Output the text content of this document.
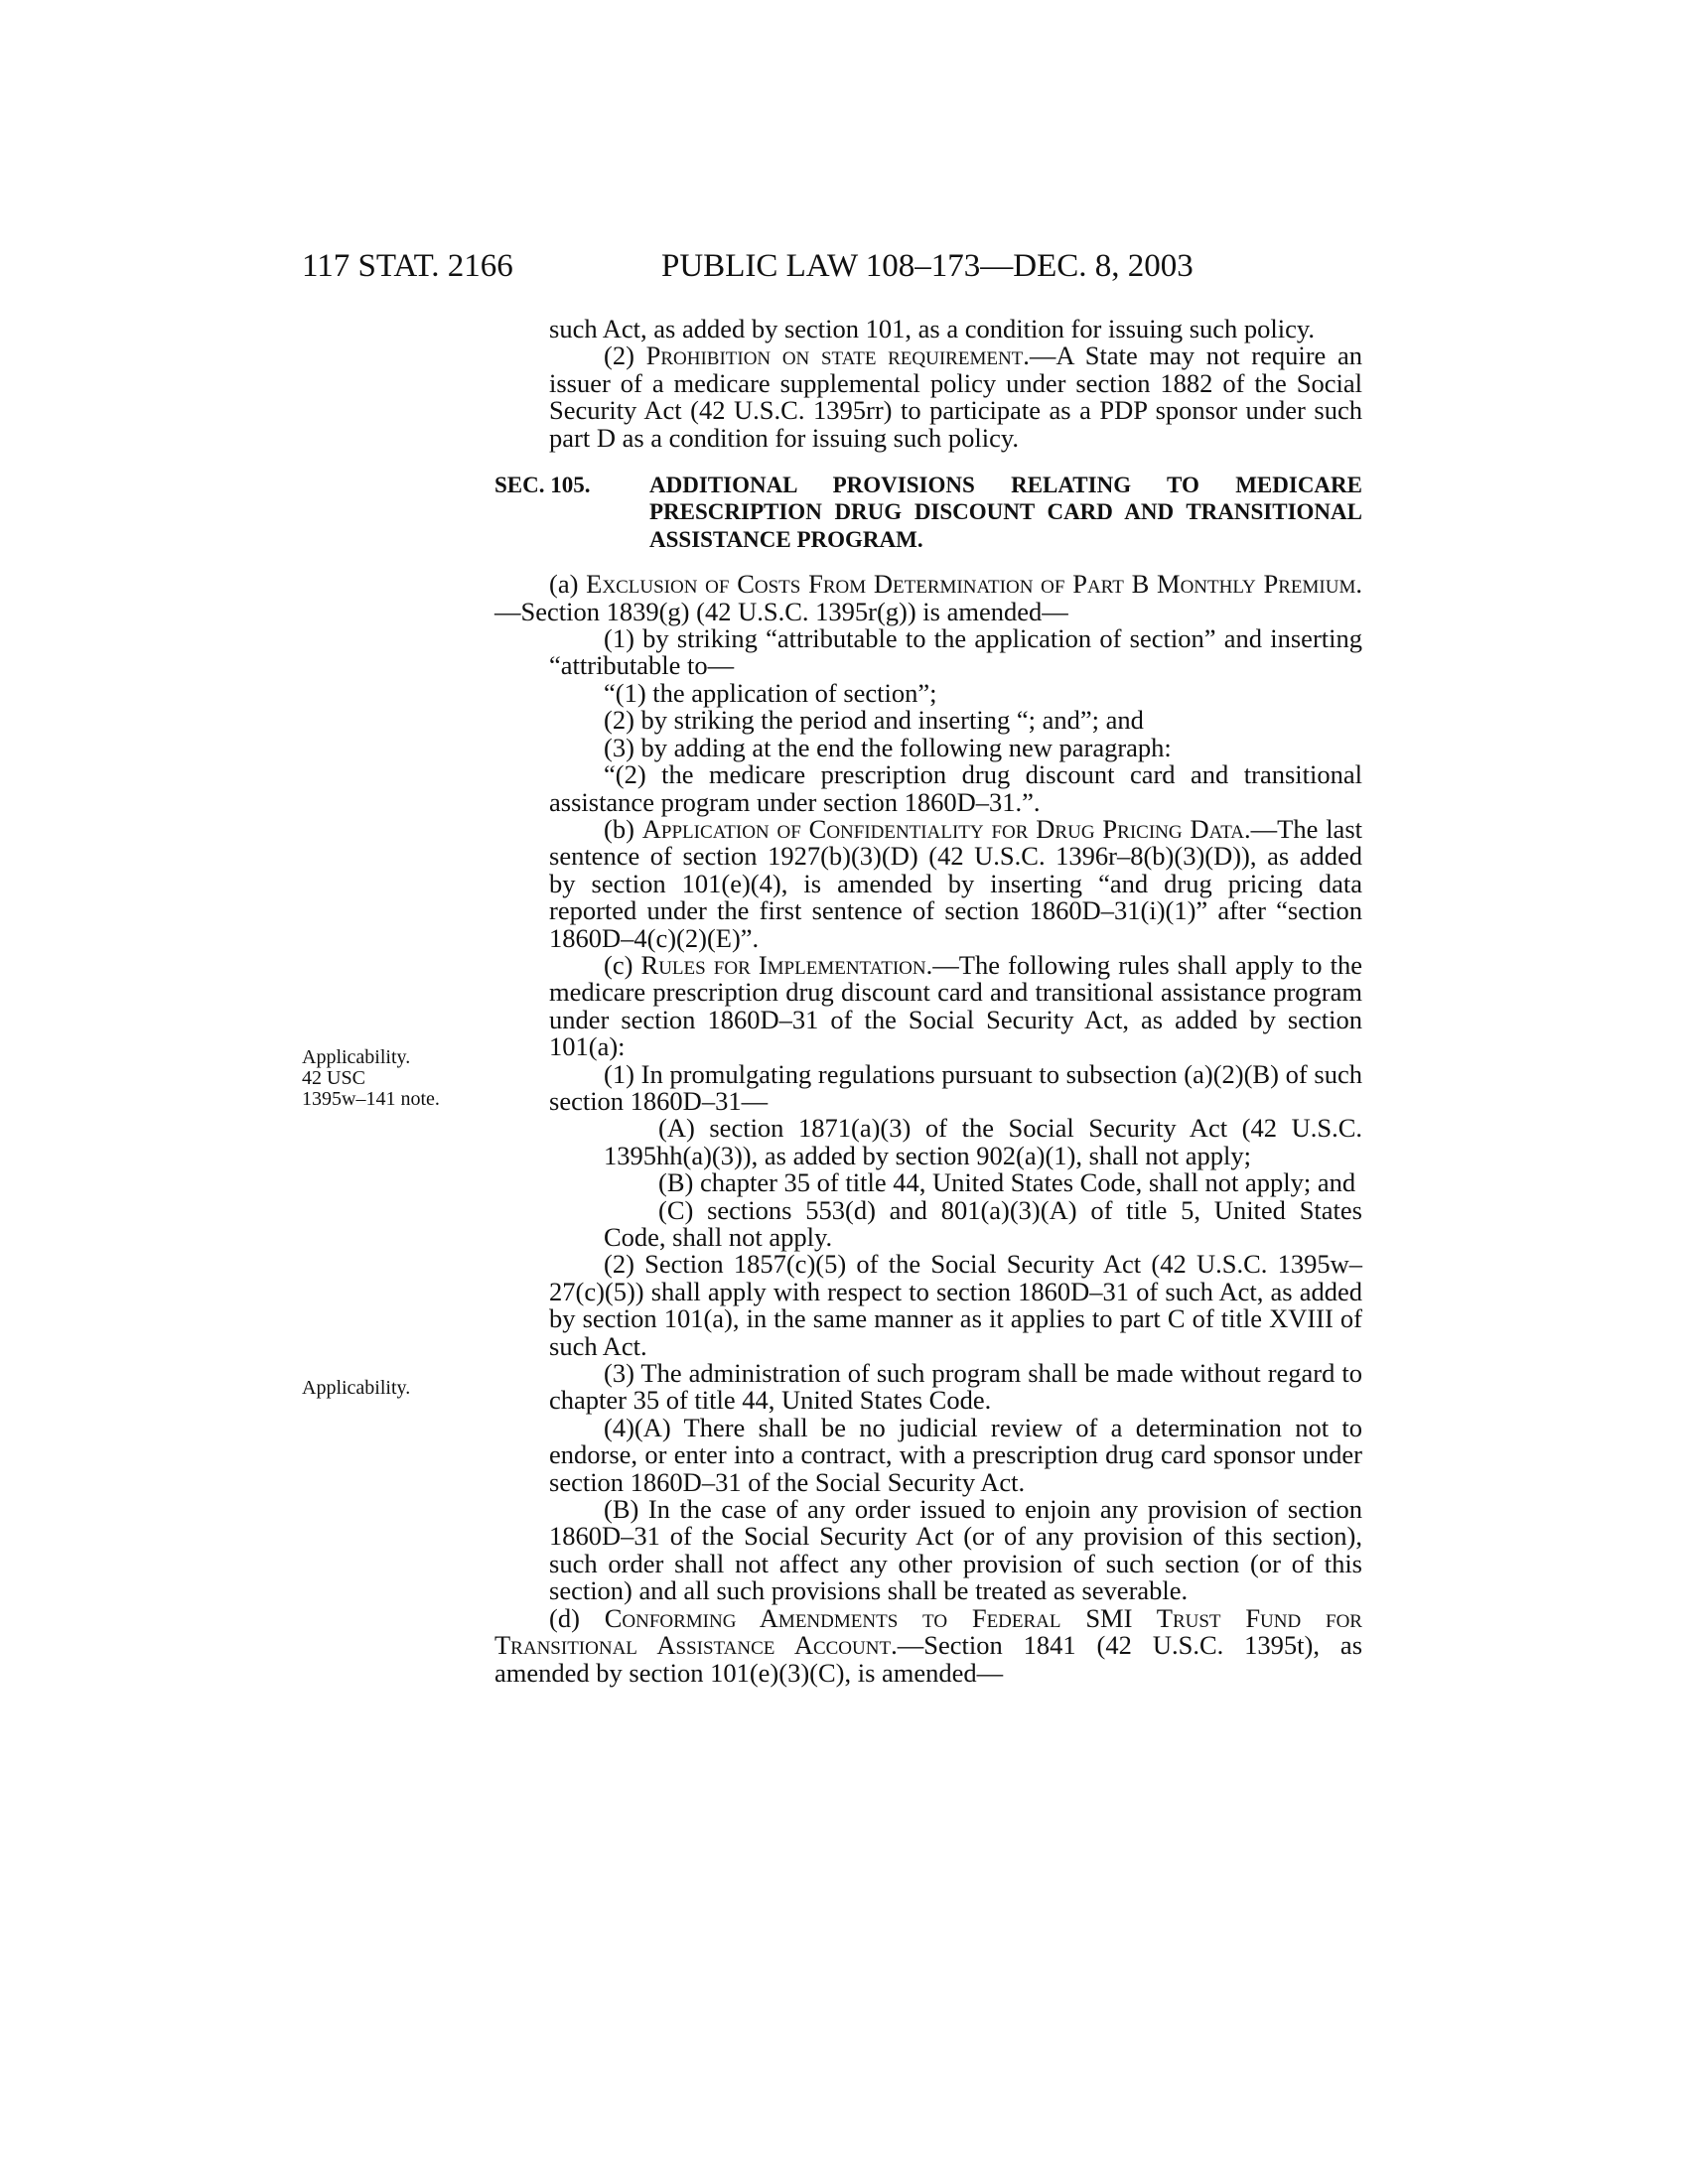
117 STAT. 2166	PUBLIC LAW 108–173—DEC. 8, 2003
Applicability.
42 USC
1395w–141 note.
Applicability.

such Act, as added by section 101, as a condition for issuing such policy.

(2) Prohibition on state requirement.—A State may not require an issuer of a medicare supplemental policy under section 1882 of the Social Security Act (42 U.S.C. 1395rr) to participate as a PDP sponsor under such part D as a condition for issuing such policy.

SEC. 105.	ADDITIONAL PROVISIONS RELATING TO MEDICARE PRESCRIPTION DRUG DISCOUNT CARD AND TRANSITIONAL ASSISTANCE PROGRAM.

(a) Exclusion of Costs From Determination of Part B Monthly Premium.—Section 1839(g) (42 U.S.C. 1395r(g)) is amended—

(1) by striking “attributable to the application of section” and inserting “attributable to—

“(1) the application of section”;

(2) by striking the period and inserting “; and”; and

(3) by adding at the end the following new paragraph:

“(2) the medicare prescription drug discount card and transitional assistance program under section 1860D–31.”.

(b) Application of Confidentiality for Drug Pricing Data.—The last sentence of section 1927(b)(3)(D) (42 U.S.C. 1396r–8(b)(3)(D)), as added by section 101(e)(4), is amended by inserting “and drug pricing data reported under the first sentence of section 1860D–31(i)(1)” after “section 1860D–4(c)(2)(E)”.

(c) Rules for Implementation.—The following rules shall apply to the medicare prescription drug discount card and transitional assistance program under section 1860D–31 of the Social Security Act, as added by section 101(a):

(1) In promulgating regulations pursuant to subsection (a)(2)(B) of such section 1860D–31—

(A) section 1871(a)(3) of the Social Security Act (42 U.S.C. 1395hh(a)(3)), as added by section 902(a)(1), shall not apply;

(B) chapter 35 of title 44, United States Code, shall not apply; and

(C) sections 553(d) and 801(a)(3)(A) of title 5, United States Code, shall not apply.

(2) Section 1857(c)(5) of the Social Security Act (42 U.S.C. 1395w–27(c)(5)) shall apply with respect to section 1860D–31 of such Act, as added by section 101(a), in the same manner as it applies to part C of title XVIII of such Act.

(3) The administration of such program shall be made without regard to chapter 35 of title 44, United States Code.

(4)(A) There shall be no judicial review of a determination not to endorse, or enter into a contract, with a prescription drug card sponsor under section 1860D–31 of the Social Security Act.

(B) In the case of any order issued to enjoin any provision of section 1860D–31 of the Social Security Act (or of any provision of this section), such order shall not affect any other provision of such section (or of this section) and all such provisions shall be treated as severable.

(d) Conforming Amendments to Federal SMI Trust Fund for Transitional Assistance Account.—Section 1841 (42 U.S.C. 1395t), as amended by section 101(e)(3)(C), is amended—
